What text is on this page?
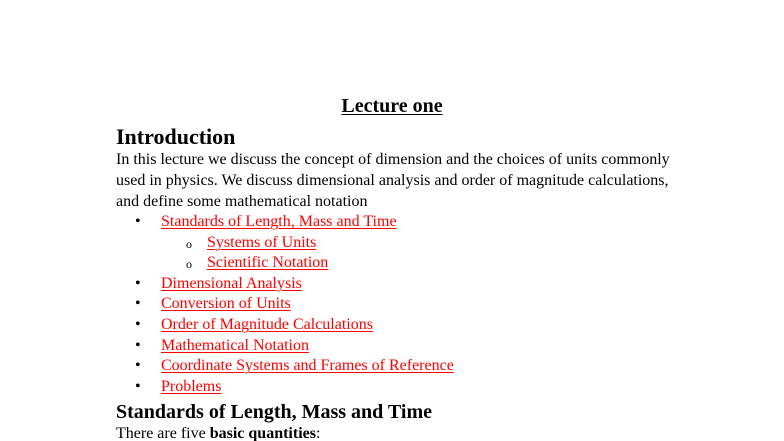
Lecture one
Introduction

In this lecture we discuss the concept of dimension and the choices of units commonly used in physics. We discuss dimensional analysis and order of magnitude calculations, and define some mathematical notation

• Standards of Length, Mass and Time
o Systems of Units
o Scientific Notation
• Dimensional Analysis
• Conversion of Units
• Order of Magnitude Calculations
• Mathematical Notation
• Coordinate Systems and Frames of Reference
• Problems
Standards of Length, Mass and Time

There are five basic quantities:
